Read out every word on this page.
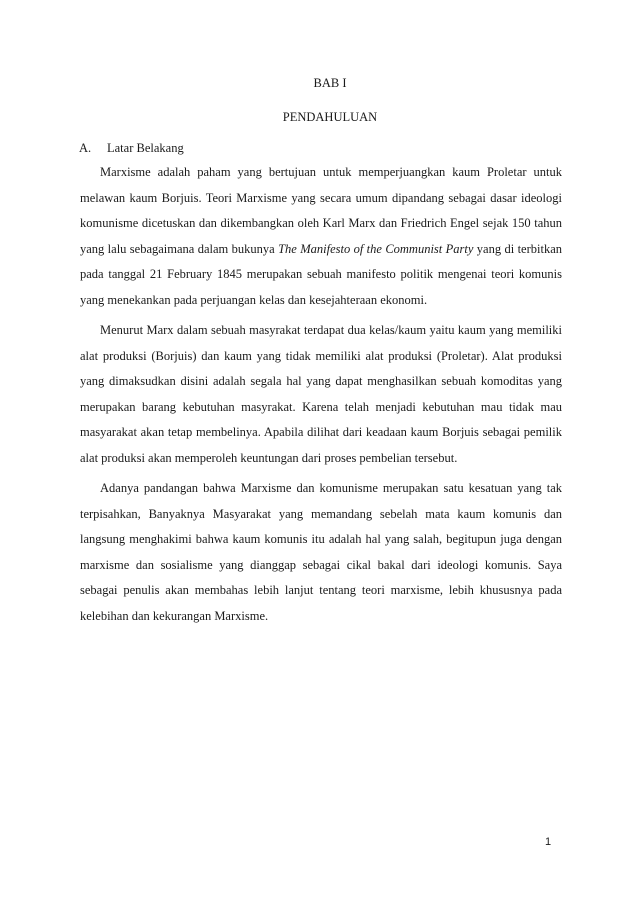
BAB I
PENDAHULUAN
A. Latar Belakang

Marxisme adalah paham yang bertujuan untuk memperjuangkan kaum Proletar untuk melawan kaum Borjuis. Teori Marxisme yang secara umum dipandang sebagai dasar ideologi komunisme dicetuskan dan dikembangkan oleh Karl Marx dan Friedrich Engel sejak 150 tahun yang lalu sebagaimana dalam bukunya The Manifesto of the Communist Party yang di terbitkan pada tanggal 21 February 1845 merupakan sebuah manifesto politik mengenai teori komunis yang menekankan pada perjuangan kelas dan kesejahteraan ekonomi.

Menurut Marx dalam sebuah masyrakat terdapat dua kelas/kaum yaitu kaum yang memiliki alat produksi (Borjuis) dan kaum yang tidak memiliki alat produksi (Proletar). Alat produksi yang dimaksudkan disini adalah segala hal yang dapat menghasilkan sebuah komoditas yang merupakan barang kebutuhan masyrakat. Karena telah menjadi kebutuhan mau tidak mau masyarakat akan tetap membelinya. Apabila dilihat dari keadaan kaum Borjuis sebagai pemilik alat produksi akan memperoleh keuntungan dari proses pembelian tersebut.

Adanya pandangan bahwa Marxisme dan komunisme merupakan satu kesatuan yang tak terpisahkan, Banyaknya Masyarakat yang memandang sebelah mata kaum komunis dan langsung menghakimi bahwa kaum komunis itu adalah hal yang salah, begitupun juga dengan marxisme dan sosialisme yang dianggap sebagai cikal bakal dari ideologi komunis. Saya sebagai penulis akan membahas lebih lanjut tentang teori marxisme, lebih khususnya pada kelebihan dan kekurangan Marxisme.

1
